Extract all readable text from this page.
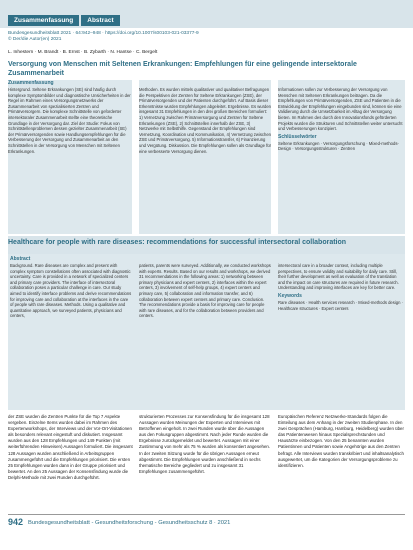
Zusammenfassung	Abstract
Bundesgesundheitsblatt 2021 · 64:942–948 · https://doi.org/10.1007/s00103-021-03377-9
© Der/die Autor(en) 2021
L. Inhestern · M. Brandt · B. Ernst · B. Zybarth · N. Hantse · C. Bergelt
Versorgung von Menschen mit Seltenen Erkrankungen: Empfehlungen für eine gelingende intersektorale Zusammenarbeit
Zusammenfassung
Hintergrund. Seltene Erkrankungen (SE) sind häufig durch komplexe Symptombilder und diagnostische Unsicherheiten in der Regel im Rahmen eines Versorgungsnetzwerks der Zusammenarbeit von spezialisierten Zentren und Primärversorgern. Die komplexe Schnittstelle von geforderter intersektoraler Zusammenarbeit stellte eine theoretische Grundlage in der Versorgung dar. Ziel der Studie: Fokus von Schnittstellenproblemen dessen gezielter Zusammenarbeit (SE) der Primärversorgenden sowie Handlungsempfehlungen für die Verbesserung der Versorgung und Zusammenarbeit an den Schnittstellen in der Versorgung von Menschen mit Seltenen Erkrankungen.
Methoden. Es wurden mittels qualitativer und qualitativer Befragungen die Perspektiven der Zentren für Seltene Erkrankungen (ZSE), der Primärversorgenden und der Patienten durchgeführt. Auf Basis dieser Erkenntnisse wurden Empfehlungen abgeleitet. Ergebnisse. Es wurden insgesamt 31 Empfehlungen in den drei großen Bereichen formuliert: 1) Vernetzung zwischen Primärversorgung und Zentren für Seltene Erkrankungen (ZSE), 2) Schnittstellen innerhalb der ZSE, 3) Netzwerke mit Selbsthilfe. Gegenstand der Empfehlungen sind Vernetzung, Koordination und Kommunikation, 4) Vernetzung zwischen ZSE und Primärversorgung. 5) Informationstransfer, 6) Finanzierung und Vergütung. Diskussion. Die Empfehlungen sollen als Grundlage für eine verbesserte Versorgung dienen.
Informationen sollen zur Verbesserung der Versorgung von Menschen mit Seltenen Erkrankungen beitragen. Da die Empfehlungen von Primärversorgenden, ZSE und Patienten in die Entwicklung der Empfehlungen eingebunden sind, können sie eine Validierung durch die Umsetzbarkeit im Alltag der Versorgung bieten. Im Rahmen des durch den Innovationsfonds geförderten Projekts wurden die Strukturen und Schnittstellen weiter untersucht und Verbesserungen konzipiert.
Schlüsselwörter
Seltene Erkrankungen · Versorgungsforschung · Mixed-methods-Design · Versorgungsstrukturen · Zentren
Healthcare for people with rare diseases: recommendations for successful intersectoral collaboration
Abstract
Background. Rare diseases are complex and present with complex symptom constellations often associated with diagnostic uncertainty. Care is provided in a network of specialized centers and primary care providers. The interface of intersectoral collaboration poses a particular challenge in care. Our study aimed to identify interface problems and derive recommendations for improving care and collaboration at the interfaces in the care of people with rare diseases. Methods. Using a qualitative and quantitative approach, we surveyed patients, physicians and centers,
patients, parents were surveyed. Additionally, we conducted workshops with experts. Results. Based on our results and workshops, we derived 31 recommendations in the following areas: 1) networking between primary physicians and expert centers, 2) interfaces within the expert centers, 3) involvement of self-help groups, 4) expert centers and primary care, 5) collaboration and information transfer, and 6) collaboration between expert centers and primary care. Conclusion. The recommendations provide a basis for improving care for people with rare diseases, and for the collaboration between providers and centers.
intersectoral care in a broader context, including multiple perspectives, to ensure validity and suitability for daily care. Still, their further development as well as evaluation of the translation and the impact on care structures are required in future research. Understanding and improving interfaces are key for better care.
Keywords
Rare diseases · Health services research · Mixed-methods design · Healthcare structures · Expert centers
der ZSE wurden die Zentren Punkte für die Top 7 Aspekte vergeben. Einzelne Items wurden dabei im Rahmen des Expertenworkshops, der Interviews und der Vor-Ort-Visitationen als besonders relevant eingestuft und diskutiert. Insgesamt wurden aus den 128 Empfehlungen und 149 Punkten (mit weiterführenden Hinweisen) Aussagen formuliert. Die insgesamt 128 Aussagen wurden anschließend in Arbeitsgruppen zusammengeführt und die Empfehlungen priorisiert. Die ersten 25 Empfehlungen wurden dann in der Gruppe priorisiert und bewertet. An den 25 Aussagen der Konsensfindung wurde die Delphi-Methode mit zwei Runden durchgeführt.
strukturierten Prozesses zur Konsensfindung für die insgesamt 128 Aussagen wurden Meinungen der Experten und Interviews mit Betroffenen eingeholt. In zwei Runden wurde über die Aussagen aus den Fokusgruppen abgestimmt. Nach jeder Runde wurden die Ergebnisse zurückgemeldet und bewertet. Aussagen mit einer Zustimmung von mehr als 75 % wurden als konsentiert angesehen. In der zweiten Sitzung wurde für die übrigen Aussagen erneut abgestimmt. Die Empfehlungen wurden anschließend in sechs thematische Bereiche gegliedert und zu insgesamt 31 Empfehlungen zusammengeführt.
Europäischen Referenz Netzwerke-Standards folgen die Einteilung aus dem Anhang in der zweiten Studienphase. In den zwei Gesprächen (Hamburg, Hamburg, Heidelberg) wurden über das Patientenwesen hinaus Spezialsprechstunden und Hausärzte einbezogen. Von den 25 benannten wurden Patientinnen und Patienten sowie Angehörige aus den Zentren befragt. Alle Interviews wurden transkribiert und inhaltsanalytisch ausgewertet, um die Kategorien der Versorgungsprobleme zu identifizieren.
942 Bundesgesundheitsblatt - Gesundheitsforschung - Gesundheitsschutz 8 · 2021
